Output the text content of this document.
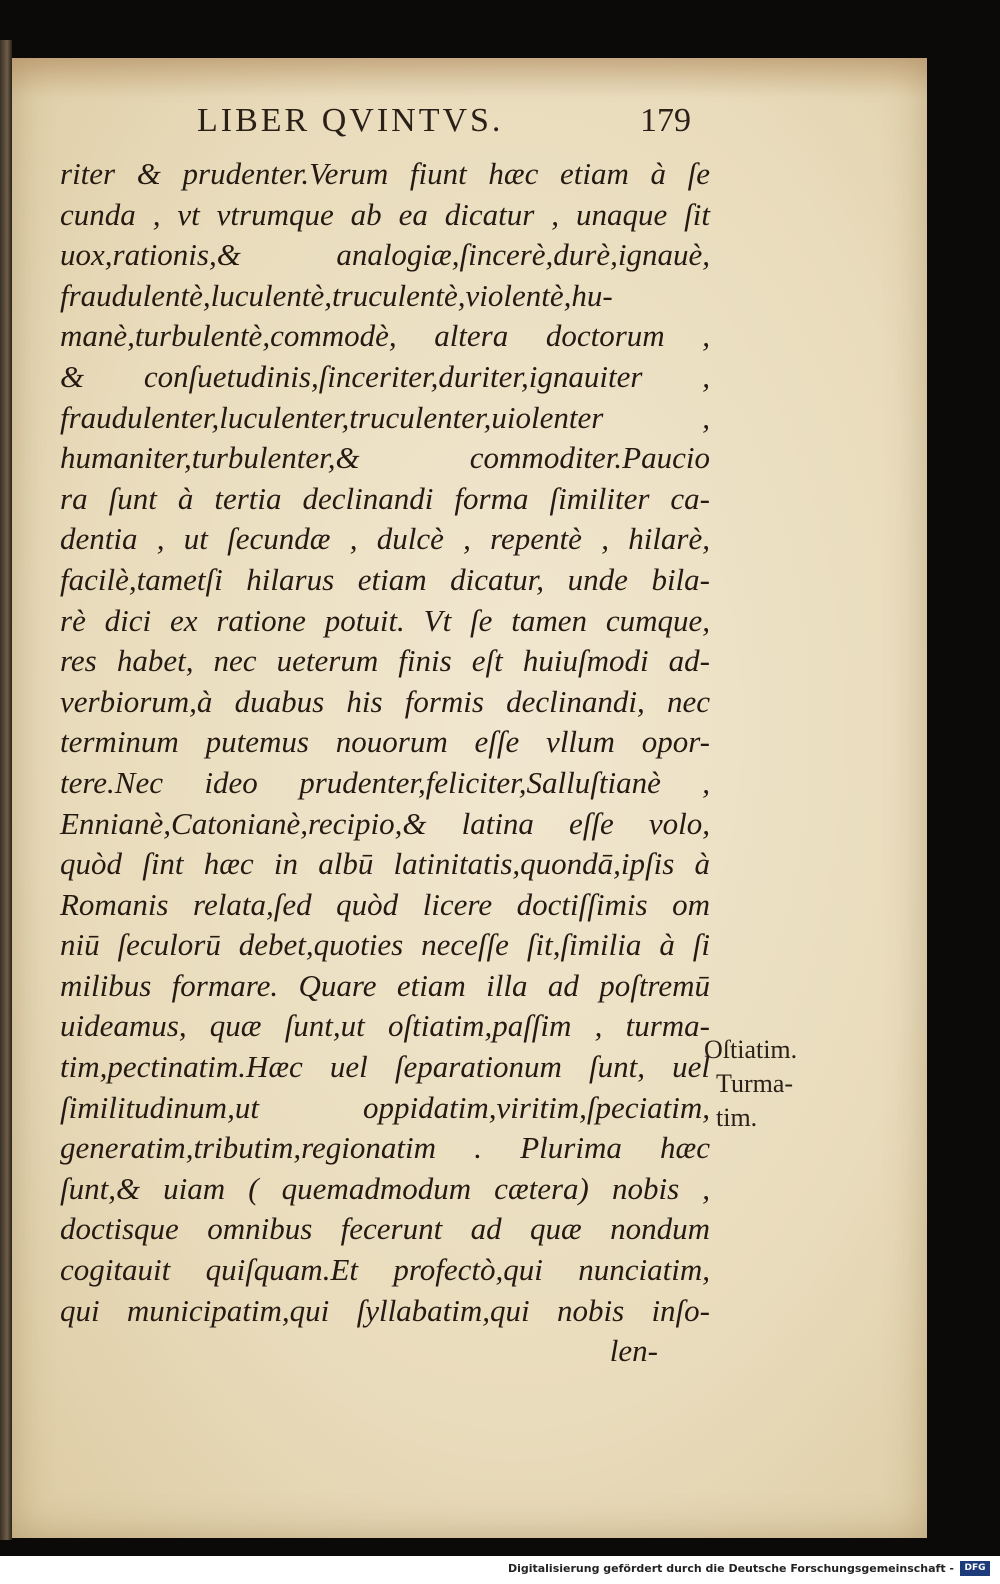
LIBER QVINTVS.	179
riter & prudenter.Verum fiunt hæc etiam à ſe
cunda , vt vtrumque ab ea dicatur , unaque ſit
uox,rationis,& analogiæ,ſincerè,durè,ignauè,
fraudulentè,luculentè,truculentè,violentè,hu-
manè,turbulentè,commodè, altera doctorum ,
& conſuetudinis,ſinceriter,duriter,ignauiter ,
fraudulenter,luculenter,truculenter,uiolenter ,
humaniter,turbulenter,& commoditer.Paucio
ra ſunt à tertia declinandi forma ſimiliter ca-
dentia , ut ſecundæ , dulcè , repentè , hilarè,
facilè,tametſi hilarus etiam dicatur, unde bila-
rè dici ex ratione potuit. Vt ſe tamen cumque,
res habet, nec ueterum finis eſt huiuſmodi ad-
verbiorum,à duabus his formis declinandi, nec
terminum putemus nouorum eſſe vllum opor-
tere.Nec ideo prudenter,feliciter,Salluſtianè ,
Ennianè,Catonianè,recipio,& latina eſſe volo,
quòd ſint hæc in albū latinitatis,quondā,ipſis à
Romanis relata,ſed quòd licere doctiſſimis om
niū ſeculorū debet,quoties neceſſe ſit,ſimilia à ſi
milibus formare. Quare etiam illa ad poſtremū
uideamus, quæ ſunt,ut oſtiatim,paſſim , turma-
tim,pectinatim.Hæc uel ſeparationum ſunt, uel
ſimilitudinum,ut oppidatim,viritim,ſpeciatim,
generatim,tributim,regionatim . Plurima hæc
ſunt,& uiam ( quemadmodum cætera) nobis ,
doctisque omnibus fecerunt ad quæ nondum
cogitauit quiſquam.Et profectò,qui nunciatim,
qui municipatim,qui ſyllabatim,qui nobis inſo-
len-
Oſtiatim.
Turma-
tim.
Digitalisierung gefördert durch die Deutsche Forschungsgemeinschaft -	DFG
